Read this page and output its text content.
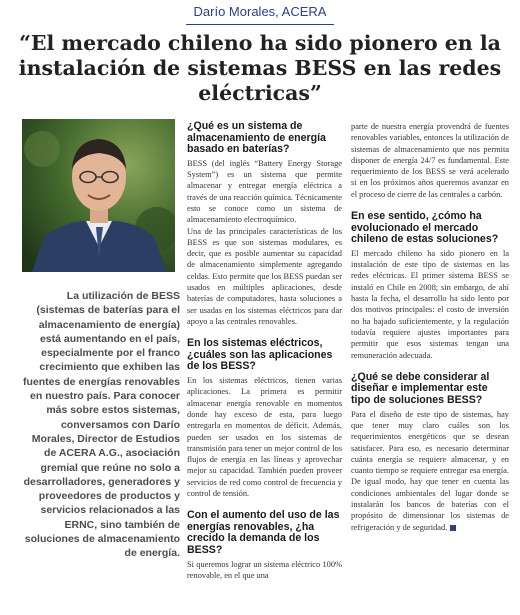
Darío Morales, ACERA
“El mercado chileno ha sido pionero en la instalación de sistemas BESS en las redes eléctricas”

La utilización de BESS (sistemas de baterías para el almacenamiento de energía) está aumentando en el país, especialmente por el franco crecimiento que exhiben las fuentes de energías renovables en nuestro país. Para conocer más sobre estos sistemas, conversamos con Darío Morales, Director de Estudios de ACERA A.G., asociación gremial que reúne no solo a desarrolladores, generadores y proveedores de productos y servicios relacionados a las ERNC, sino también de soluciones de almacenamiento de energía.

¿Qué es un sistema de almacenamiento de energía basado en baterías?

BESS (del inglés “Battery Energy Storage System”) es un sistema que permite almacenar y entregar energía eléctrica a través de una reacción química. Técnicamente esto se conoce como un sistema de almacenamiento electroquímico.

Una de las principales características de los BESS es que son sistemas modulares, es decir, que es posible aumentar su capacidad de almacenamiento simplemente agregando celdas. Esto permite que los BESS puedan ser usados en múltiples aplicaciones, desde baterías de computadores, hasta soluciones a ser usadas en los sistemas eléctricos para dar apoyo a las centrales renovables.

En los sistemas eléctricos, ¿cuáles son las aplicaciones de los BESS?

En los sistemas eléctricos, tienen varias aplicaciones. La primera es permitir almacenar energía renovable en momentos donde hay exceso de esta, para luego entregarla en momentos de déficit. Además, pueden ser usados en los sistemas de transmisión para tener un mejor control de los flujos de energía en las líneas y aprovechar mejor su capacidad. También pueden proveer servicios de red como control de frecuencia y control de tensión.

Con el aumento del uso de las energías renovables, ¿ha crecido la demanda de los BESS?

Si queremos lograr un sistema eléctrico 100% renovable, en el que una

parte de nuestra energía provendrá de fuentes renovables variables, entonces la utilización de sistemas de almacenamiento que nos permita disponer de energía 24/7 es fundamental. Este requerimiento de los BESS se verá acelerado si en los próximos años queremos avanzar en el proceso de cierre de las centrales a carbón.

En ese sentido, ¿cómo ha evolucionado el mercado chileno de estas soluciones?

El mercado chileno ha sido pionero en la instalación de este tipo de sistemas en las redes eléctricas. El primer sistema BESS se instaló en Chile en 2008; sin embargo, de ahí hasta la fecha, el desarrollo ha sido lento por dos motivos principales: el costo de inversión no ha bajado suficientemente, y la regulación todavía requiere ajustes importantes para permitir que esos sistemas tengan una remuneración adecuada.

¿Qué se debe considerar al diseñar e implementar este tipo de soluciones BESS?

Para el diseño de este tipo de sistemas, hay que tener muy claro cuáles son los requerimientos energéticos que se desean satisfacer. Para eso, es necesario determinar cuánta energía se requiere almacenar, y en cuanto tiempo se requiere entregar esa energía. De igual modo, hay que tener en cuenta las condiciones ambientales del lugar donde se instalarán los bancos de baterías con el propósito de dimensionar los sistemas de refrigeración y de seguridad.
